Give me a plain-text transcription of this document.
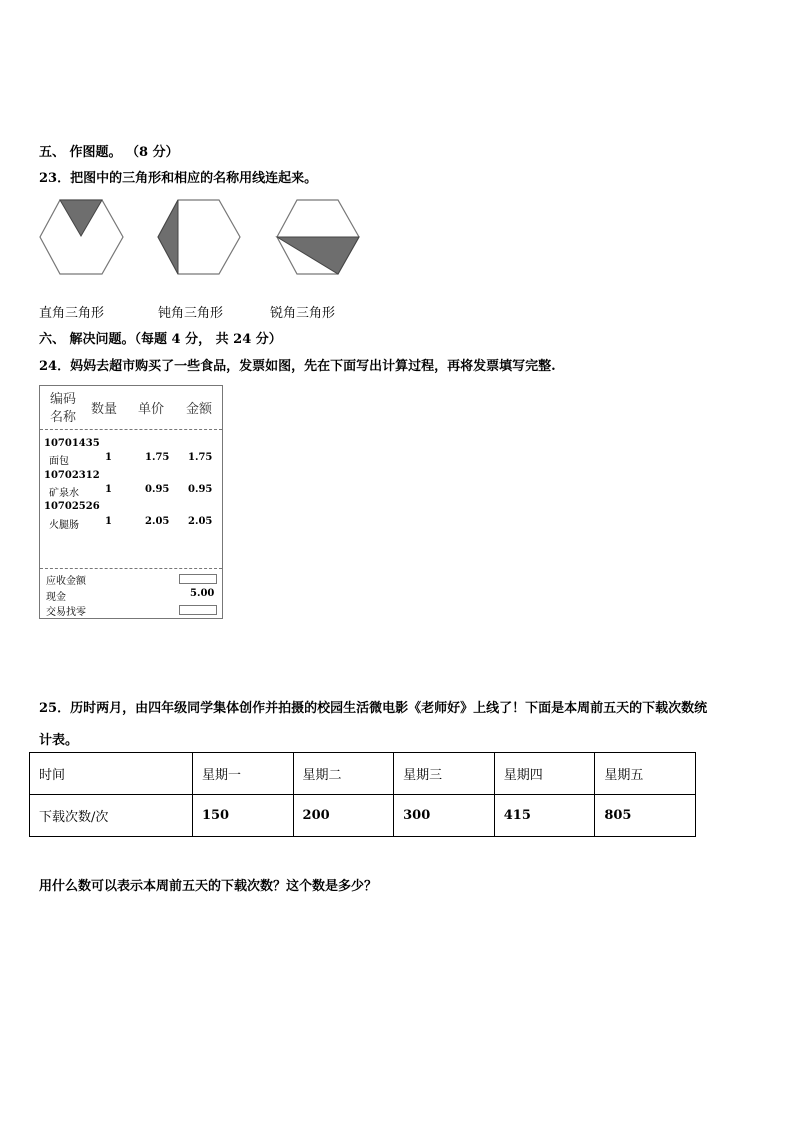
五、 作图题。 （8 分）
23．把图中的三角形和相应的名称用线连起来。
直角三角形	钝角三角形	锐角三角形
六、 解决问题。（每题 4 分， 共 24 分）
24．妈妈去超市购买了一些食品，发票如图，先在下面写出计算过程，再将发票填写完整.
编码
名称
数量 单价 金额
10701435
面包	1	1.75 1.75
10702312
矿泉水	1	0.95 0.95
10702526
火腿肠	1	2.05 2.05
应收金额
现金	5.00
交易找零
25．历时两月，由四年级同学集体创作并拍摄的校园生活微电影《老师好》上线了！下面是本周前五天的下载次数统
计表。
时间	星期一	星期二	星期三	星期四	星期五
下载次数/次	150	200	300	415	805
用什么数可以表示本周前五天的下载次数？这个数是多少？
